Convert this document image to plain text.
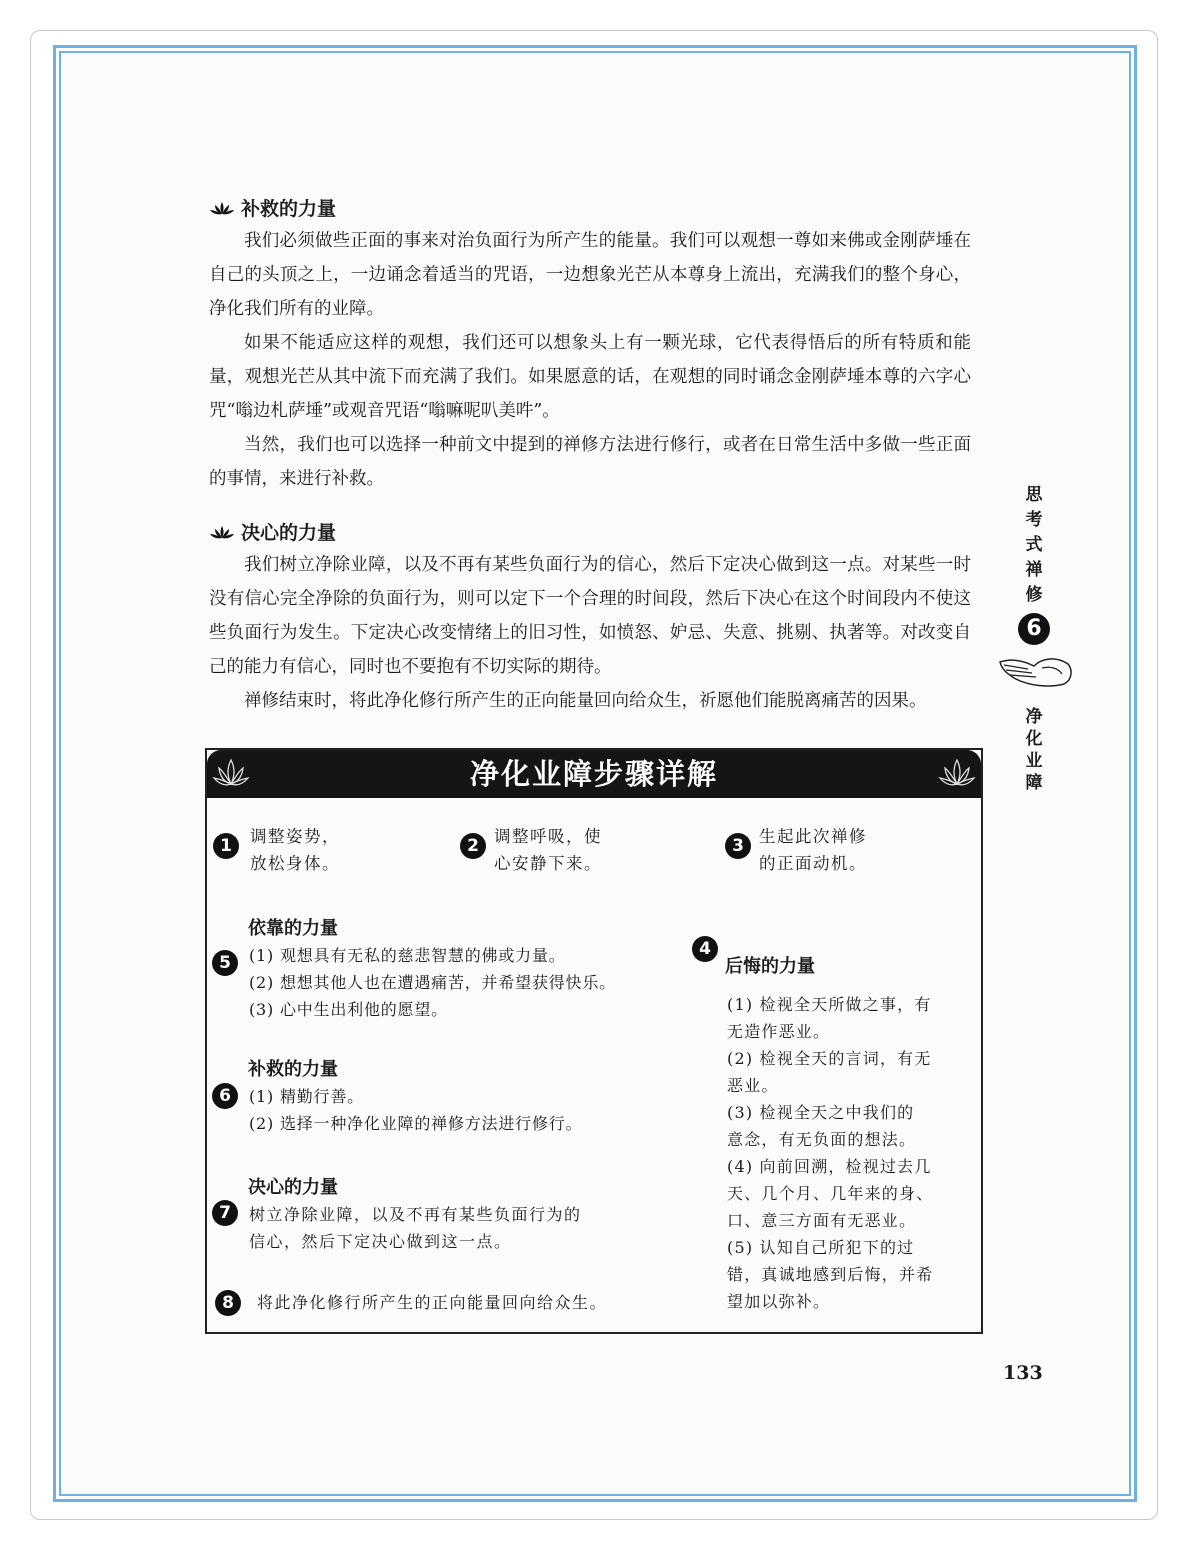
补救的力量

我们必须做些正面的事来对治负面行为所产生的能量。我们可以观想一尊如来佛或金刚萨埵在自己的头顶之上，一边诵念着适当的咒语，一边想象光芒从本尊身上流出，充满我们的整个身心，净化我们所有的业障。

如果不能适应这样的观想，我们还可以想象头上有一颗光球，它代表得悟后的所有特质和能量，观想光芒从其中流下而充满了我们。如果愿意的话，在观想的同时诵念金刚萨埵本尊的六字心咒“嗡边札萨埵”或观音咒语“嗡嘛呢叭美吽”。

当然，我们也可以选择一种前文中提到的禅修方法进行修行，或者在日常生活中多做一些正面的事情，来进行补救。

决心的力量

我们树立净除业障，以及不再有某些负面行为的信心，然后下定决心做到这一点。对某些一时没有信心完全净除的负面行为，则可以定下一个合理的时间段，然后下决心在这个时间段内不使这些负面行为发生。下定决心改变情绪上的旧习性，如愤怒、妒忌、失意、挑剔、执著等。对改变自己的能力有信心，同时也不要抱有不切实际的期待。

禅修结束时，将此净化修行所产生的正向能量回向给众生，祈愿他们能脱离痛苦的因果。

思
考
式
禅
修
6
净
化
业
障
净化业障步骤详解
1	调整姿势，
放松身体。
2 调整呼吸，使
心安静下来。
3 生起此次禅修
的正面动机。
依靠的力量
5	(1) 观想具有无私的慈悲智慧的佛或力量。
(2) 想想其他人也在遭遇痛苦，并希望获得快乐。
(3) 心中生出利他的愿望。
4
后悔的力量
(1) 检视全天所做之事，有
无造作恶业。
(2) 检视全天的言词，有无
恶业。
(3) 检视全天之中我们的
意念，有无负面的想法。
(4) 向前回溯，检视过去几
天、几个月、几年来的身、
口、意三方面有无恶业。
(5) 认知自己所犯下的过
错，真诚地感到后悔，并希
望加以弥补。
补救的力量
6	(1) 精勤行善。
(2) 选择一种净化业障的禅修方法进行修行。
决心的力量
7	树立净除业障，以及不再有某些负面行为的
信心，然后下定决心做到这一点。
8	将此净化修行所产生的正向能量回向给众生。
133
